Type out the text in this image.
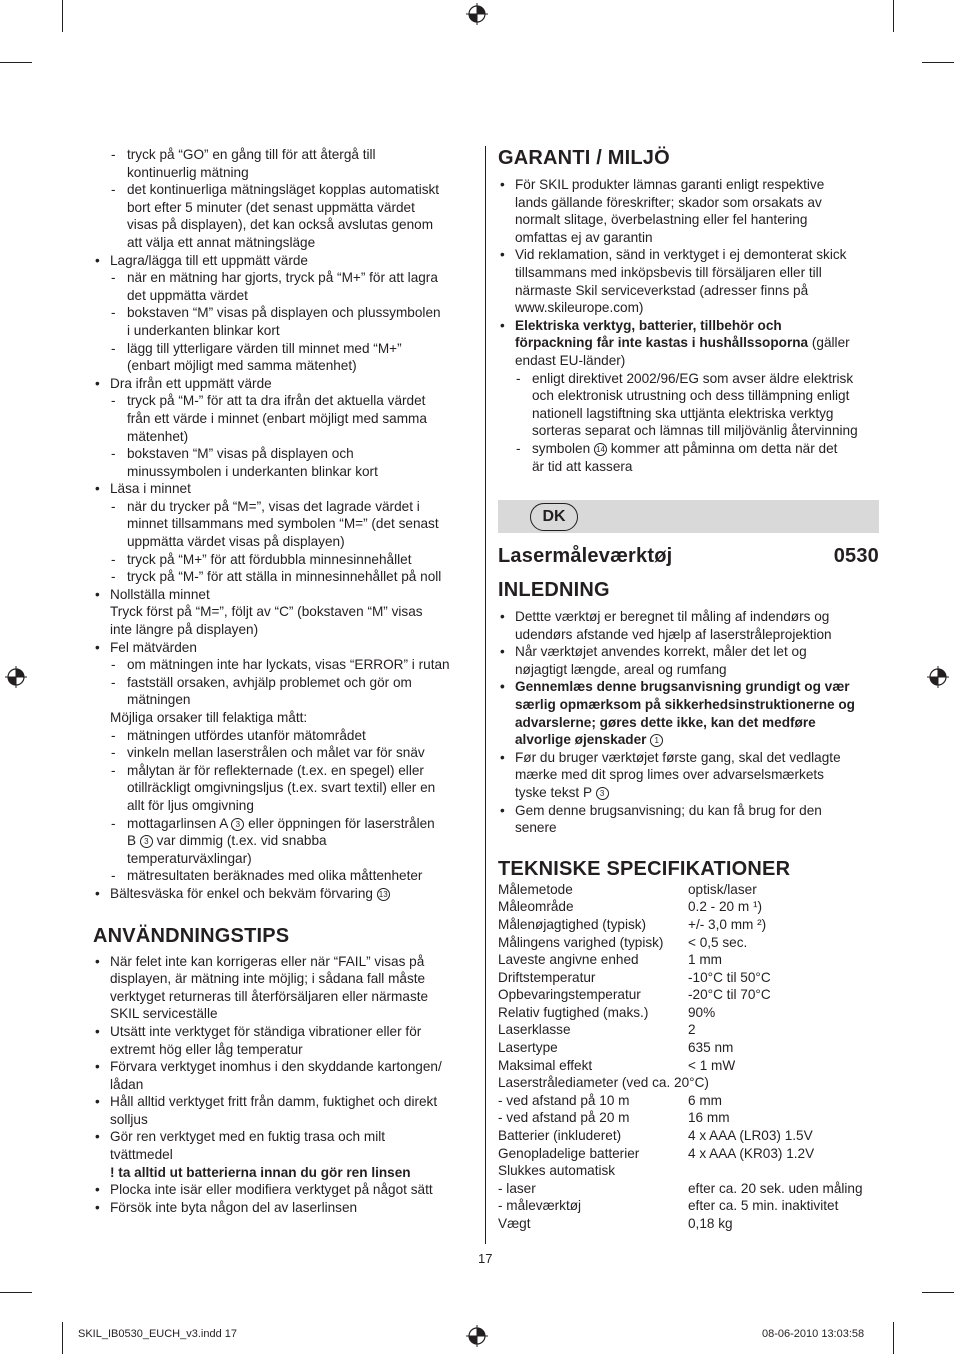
- tryck på “GO” en gång till för att återgå till
kontinuerlig mätning
- det kontinuerliga mätningsläget kopplas automatiskt
bort efter 5 minuter (det senast uppmätta värdet
visas på displayen), det kan också avslutas genom
att välja ett annat mätningsläge
• Lagra/lägga till ett uppmätt värde
- när en mätning har gjorts, tryck på “M+” för att lagra
det uppmätta värdet
- bokstaven “M” visas på displayen och plussymbolen
i underkanten blinkar kort
- lägg till ytterligare värden till minnet med “M+”
(enbart möjligt med samma mätenhet)
• Dra ifrån ett uppmätt värde
- tryck på “M-” för att ta dra ifrån det aktuella värdet
från ett värde i minnet (enbart möjligt med samma
mätenhet)
- bokstaven “M” visas på displayen och
minussymbolen i underkanten blinkar kort
• Läsa i minnet
- när du trycker på “M=”, visas det lagrade värdet i
minnet tillsammans med symbolen “M=” (det senast
uppmätta värdet visas på displayen)
- tryck på “M+” för att fördubbla minnesinnehållet
- tryck på “M-” för att ställa in minnesinnehållet på noll
• Nollställa minnet
Tryck först på “M=”, följt av “C” (bokstaven “M” visas
inte längre på displayen)
• Fel mätvärden
- om mätningen inte har lyckats, visas “ERROR” i rutan
- fastställ orsaken, avhjälp problemet och gör om
mätningen
Möjliga orsaker till felaktiga mått:
- mätningen utfördes utanför mätområdet
- vinkeln mellan laserstrålen och målet var för snäv
- målytan är för reflekternade (t.ex. en spegel) eller
otillräckligt omgivningsljus (t.ex. svart textil) eller en
allt för ljus omgivning
- mottagarlinsen A 3 eller öppningen för laserstrålen
B 3 var dimmig (t.ex. vid snabba
temperaturväxlingar)
- mätresultaten beräknades med olika måttenheter
• Bältesväska för enkel och bekväm förvaring 13
ANVÄNDNINGSTIPS
• När felet inte kan korrigeras eller när “FAIL” visas på
displayen, är mätning inte möjlig; i sådana fall måste
verktyget returneras till återförsäljaren eller närmaste
SKIL serviceställe
• Utsätt inte verktyget för ständiga vibrationer eller för
extremt hög eller låg temperatur
• Förvara verktyget inomhus i den skyddande kartongen/
lådan
• Håll alltid verktyget fritt från damm, fuktighet och direkt
solljus
• Gör ren verktyget med en fuktig trasa och milt
tvättmedel
! ta alltid ut batterierna innan du gör ren linsen
• Plocka inte isär eller modifiera verktyget på något sätt
• Försök inte byta någon del av laserlinsen
GARANTI / MILJÖ
• För SKIL produkter lämnas garanti enligt respektive
lands gällande föreskrifter; skador som orsakats av
normalt slitage, överbelastning eller fel hantering
omfattas ej av garantin
• Vid reklamation, sänd in verktyget i ej demonterat skick
tillsammans med inköpsbevis till försäljaren eller till
närmaste Skil serviceverkstad (adresser finns på
www.skileurope.com)
• Elektriska verktyg, batterier, tillbehör och
förpackning får inte kastas i hushållssoporna (gäller
endast EU-länder)
- enligt direktivet 2002/96/EG som avser äldre elektrisk
och elektronisk utrustning och dess tillämpning enligt
nationell lagstiftning ska uttjänta elektriska verktyg
sorteras separat och lämnas till miljövänlig återvinning
- symbolen 14 kommer att påminna om detta när det
är tid att kassera
DK
Lasermåleværktøj	0530
INLEDNING
• Dettte værktøj er beregnet til måling af indendørs og
udendørs afstande ved hjælp af laserstråleprojektion
• Når værktøjet anvendes korrekt, måler det let og
nøjagtigt længde, areal og rumfang
• Gennemlæs denne brugsanvisning grundigt og vær
særlig opmærksom på sikkerhedsinstruktionerne og
advarslerne; gøres dette ikke, kan det medføre
alvorlige øjenskader 1
• Før du bruger værktøjet første gang, skal det vedlagte
mærke med dit sprog limes over advarselsmærkets
tyske tekst P 3
• Gem denne brugsanvisning; du kan få brug for den
senere
TEKNISKE SPECIFIKATIONER
Målemetode	optisk/laser
Måleområde	0.2 - 20 m ¹)
Målenøjagtighed (typisk)	+/- 3,0 mm ²)
Målingens varighed (typisk)	< 0,5 sec.
Laveste angivne enhed	1 mm
Driftstemperatur	-10°C til 50°C
Opbevaringstemperatur	-20°C til 70°C
Relativ fugtighed (maks.)	90%
Laserklasse	2
Lasertype	635 nm
Maksimal effekt	< 1 mW
Laserstrålediameter (ved ca. 20°C)
- ved afstand på 10 m	6 mm
- ved afstand på 20 m	16 mm
Batterier (inkluderet)	4 x AAA (LR03) 1.5V
Genopladelige batterier	4 x AAA (KR03) 1.2V
Slukkes automatisk
- laser	efter ca. 20 sek. uden måling
- måleværktøj	efter ca. 5 min. inaktivitet
Vægt	0,18 kg
17
SKIL_IB0530_EUCH_v3.indd 17	08-06-2010 13:03:58
